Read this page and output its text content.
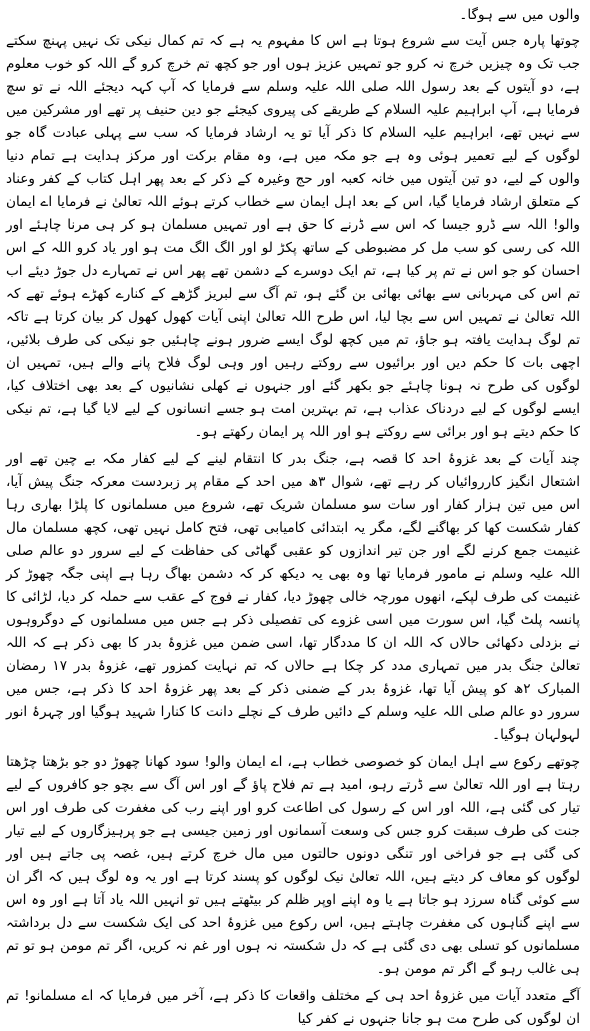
والوں میں سے ہوگا۔

چوتھا پارہ جس آیت سے شروع ہوتا ہے اس کا مفہوم یہ ہے کہ تم کمال نیکی تک نہیں پہنچ سکتے جب تک وہ چیزیں خرچ نہ کرو جو تمہیں عزیز ہوں اور جو کچھ تم خرچ کرو گے اللہ کو خوب معلوم ہے، دو آیتوں کے بعد رسول اللہ صلی اللہ علیہ وسلم سے فرمایا کہ آپ کہہ دیجئے اللہ نے تو سچ فرمایا ہے، آپ ابراہیم علیہ السلام کے طریقے کی پیروی کیجئے جو دین حنیف پر تھے اور مشرکین میں سے نہیں تھے، ابراہیم علیہ السلام کا ذکر آیا تو یہ ارشاد فرمایا کہ سب سے پہلی عبادت گاہ جو لوگوں کے لیے تعمیر ہوئی وہ ہے جو مکہ میں ہے، وہ مقام برکت اور مرکز ہدایت ہے تمام دنیا والوں کے لیے، دو تین آیتوں میں خانہ کعبہ اور حج وغیرہ کے ذکر کے بعد پھر اہل کتاب کے کفر وعناد کے متعلق ارشاد فرمایا گیا، اس کے بعد اہل ایمان سے خطاب کرتے ہوئے اللہ تعالیٰ نے فرمایا اے ایمان والو! اللہ سے ڈرو جیسا کہ اس سے ڈرنے کا حق ہے اور تمہیں مسلمان ہو کر ہی مرنا چاہئے اور اللہ کی رسی کو سب مل کر مضبوطی کے ساتھ پکڑ لو اور الگ الگ مت ہو اور یاد کرو اللہ کے اس احسان کو جو اس نے تم پر کیا ہے، تم ایک دوسرے کے دشمن تھے پھر اس نے تمہارے دل جوڑ دیئے اب تم اس کی مہربانی سے بھائی بھائی بن گئے ہو، تم آگ سے لبریز گڑھے کے کنارے کھڑے ہوئے تھے کہ اللہ تعالیٰ نے تمہیں اس سے بچا لیا، اس طرح اللہ تعالیٰ اپنی آیات کھول کھول کر بیان کرتا ہے تاکہ تم لوگ ہدایت یافتہ ہو جاؤ، تم میں کچھ لوگ ایسے ضرور ہونے چاہئیں جو نیکی کی طرف بلائیں، اچھی بات کا حکم دیں اور برائیوں سے روکتے رہیں اور وہی لوگ فلاح پانے والے ہیں، تمہیں ان لوگوں کی طرح نہ ہونا چاہئے جو بکھر گئے اور جنہوں نے کھلی نشانیوں کے بعد بھی اختلاف کیا، ایسے لوگوں کے لیے دردناک عذاب ہے، تم بہترین امت ہو جسے انسانوں کے لیے لایا گیا ہے، تم نیکی کا حکم دیتے ہو اور برائی سے روکتے ہو اور اللہ پر ایمان رکھتے ہو۔

چند آیات کے بعد غزوۂ احد کا قصہ ہے، جنگ بدر کا انتقام لینے کے لیے کفار مکہ بے چین تھے اور اشتعال انگیز کارروائیاں کر رہے تھے، شوال ۳ھ میں احد کے مقام پر زبردست معرکہ جنگ پیش آیا، اس میں تین ہزار کفار اور سات سو مسلمان شریک تھے، شروع میں مسلمانوں کا پلڑا بھاری رہا کفار شکست کھا کر بھاگنے لگے، مگر یہ ابتدائی کامیابی تھی، فتح کامل نہیں تھی، کچھ مسلمان مال غنیمت جمع کرنے لگے اور جن تیر اندازوں کو عقبی گھاٹی کی حفاظت کے لیے سرور دو عالم صلی اللہ علیہ وسلم نے مامور فرمایا تھا وہ بھی یہ دیکھ کر کہ دشمن بھاگ رہا ہے اپنی جگہ چھوڑ کر غنیمت کی طرف لپکے، انھوں مورچہ خالی چھوڑ دیا، کفار نے فوج کے عقب سے حملہ کر دیا، لڑائی کا پانسہ پلٹ گیا، اس سورت میں اسی غزوے کی تفصیلی ذکر ہے جس میں مسلمانوں کے دوگروہوں نے بزدلی دکھائی حالاں کہ اللہ ان کا مددگار تھا، اسی ضمن میں غزوۂ بدر کا بھی ذکر ہے کہ اللہ تعالیٰ جنگ بدر میں تمہاری مدد کر چکا ہے حالاں کہ تم نہایت کمزور تھے، غزوۂ بدر ۱۷ رمضان المبارک ۲ھ کو پیش آیا تھا، غزوۂ بدر کے ضمنی ذکر کے بعد پھر غزوۂ احد کا ذکر ہے، جس میں سرور دو عالم صلی اللہ علیہ وسلم کے دائیں طرف کے نچلے دانت کا کنارا شہید ہوگیا اور چہرۂ انور لہولہان ہوگیا۔

چوتھے رکوع سے اہل ایمان کو خصوصی خطاب ہے، اے ایمان والو! سود کھانا چھوڑ دو جو بڑھتا چڑھتا رہتا ہے اور اللہ تعالیٰ سے ڈرتے رہو، امید ہے تم فلاح پاؤ گے اور اس آگ سے بچو جو کافروں کے لیے تیار کی گئی ہے، اللہ اور اس کے رسول کی اطاعت کرو اور اپنے رب کی مغفرت کی طرف اور اس جنت کی طرف سبقت کرو جس کی وسعت آسمانوں اور زمین جیسی ہے جو پرہیزگاروں کے لیے تیار کی گئی ہے جو فراخی اور تنگی دونوں حالتوں میں مال خرچ کرتے ہیں، غصہ پی جاتے ہیں اور لوگوں کو معاف کر دیتے ہیں، اللہ تعالیٰ نیک لوگوں کو پسند کرتا ہے اور یہ وہ لوگ ہیں کہ اگر ان سے کوئی گناہ سرزد ہو جاتا ہے یا وہ اپنے اوپر ظلم کر بیٹھتے ہیں تو انہیں اللہ یاد آتا ہے اور وہ اس سے اپنے گناہوں کی مغفرت چاہتے ہیں، اس رکوع میں غزوۂ احد کی ایک شکست سے دل برداشتہ مسلمانوں کو تسلی بھی دی گئی ہے کہ دل شکستہ نہ ہوں اور غم نہ کریں، اگر تم مومن ہو تو تم ہی غالب رہو گے اگر تم مومن ہو۔

آگے متعدد آیات میں غزوۂ احد ہی کے مختلف واقعات کا ذکر ہے، آخر میں فرمایا کہ اے مسلمانو! تم ان لوگوں کی طرح مت ہو جانا جنہوں نے کفر کیا
